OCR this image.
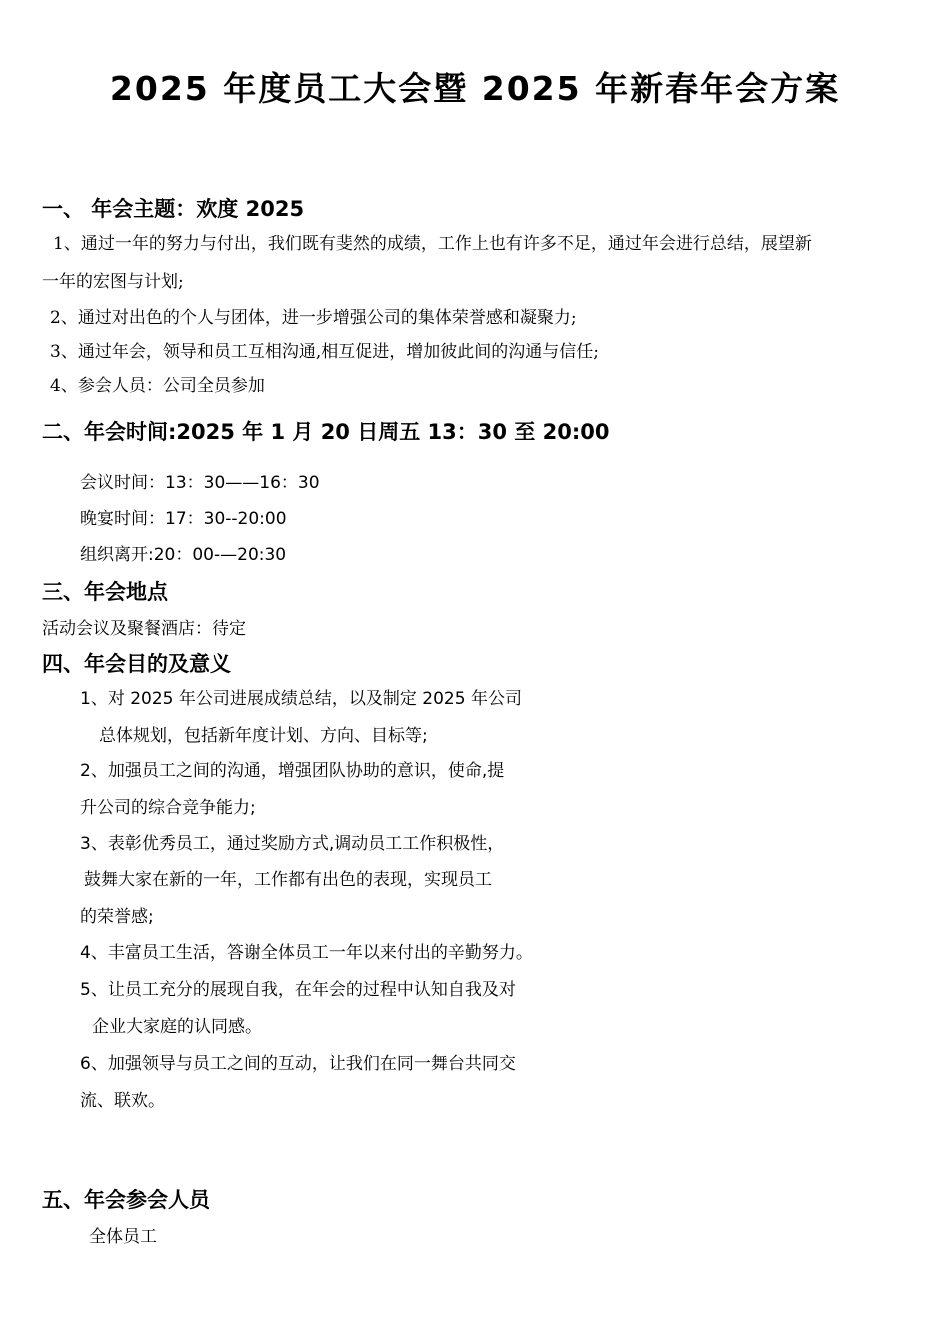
2025 年度员工大会暨 2025 年新春年会方案
一、 年会主题：欢度 2025
1、通过一年的努力与付出，我们既有斐然的成绩，工作上也有许多不足，通过年会进行总结，展望新
一年的宏图与计划;
2、通过对出色的个人与团体，进一步增强公司的集体荣誉感和凝聚力;
3、通过年会，领导和员工互相沟通,相互促进，增加彼此间的沟通与信任;
4、参会人员：公司全员参加
二、年会时间:2025 年 1 月 20 日周五 13：30 至 20:00
会议时间：13：30——16：30
晚宴时间：17：30--20:00
组织离开:20：00-—20:30
三、年会地点
活动会议及聚餐酒店：待定
四、年会目的及意义
1、对 2025 年公司进展成绩总结，以及制定 2025 年公司
总体规划，包括新年度计划、方向、目标等;
2、加强员工之间的沟通，增强团队协助的意识，使命,提
升公司的综合竞争能力;
3、表彰优秀员工，通过奖励方式,调动员工工作积极性，
鼓舞大家在新的一年，工作都有出色的表现，实现员工
的荣誉感;
4、丰富员工生活，答谢全体员工一年以来付出的辛勤努力。
5、让员工充分的展现自我，在年会的过程中认知自我及对
企业大家庭的认同感。
6、加强领导与员工之间的互动，让我们在同一舞台共同交
流、联欢。
五、年会参会人员
全体员工
